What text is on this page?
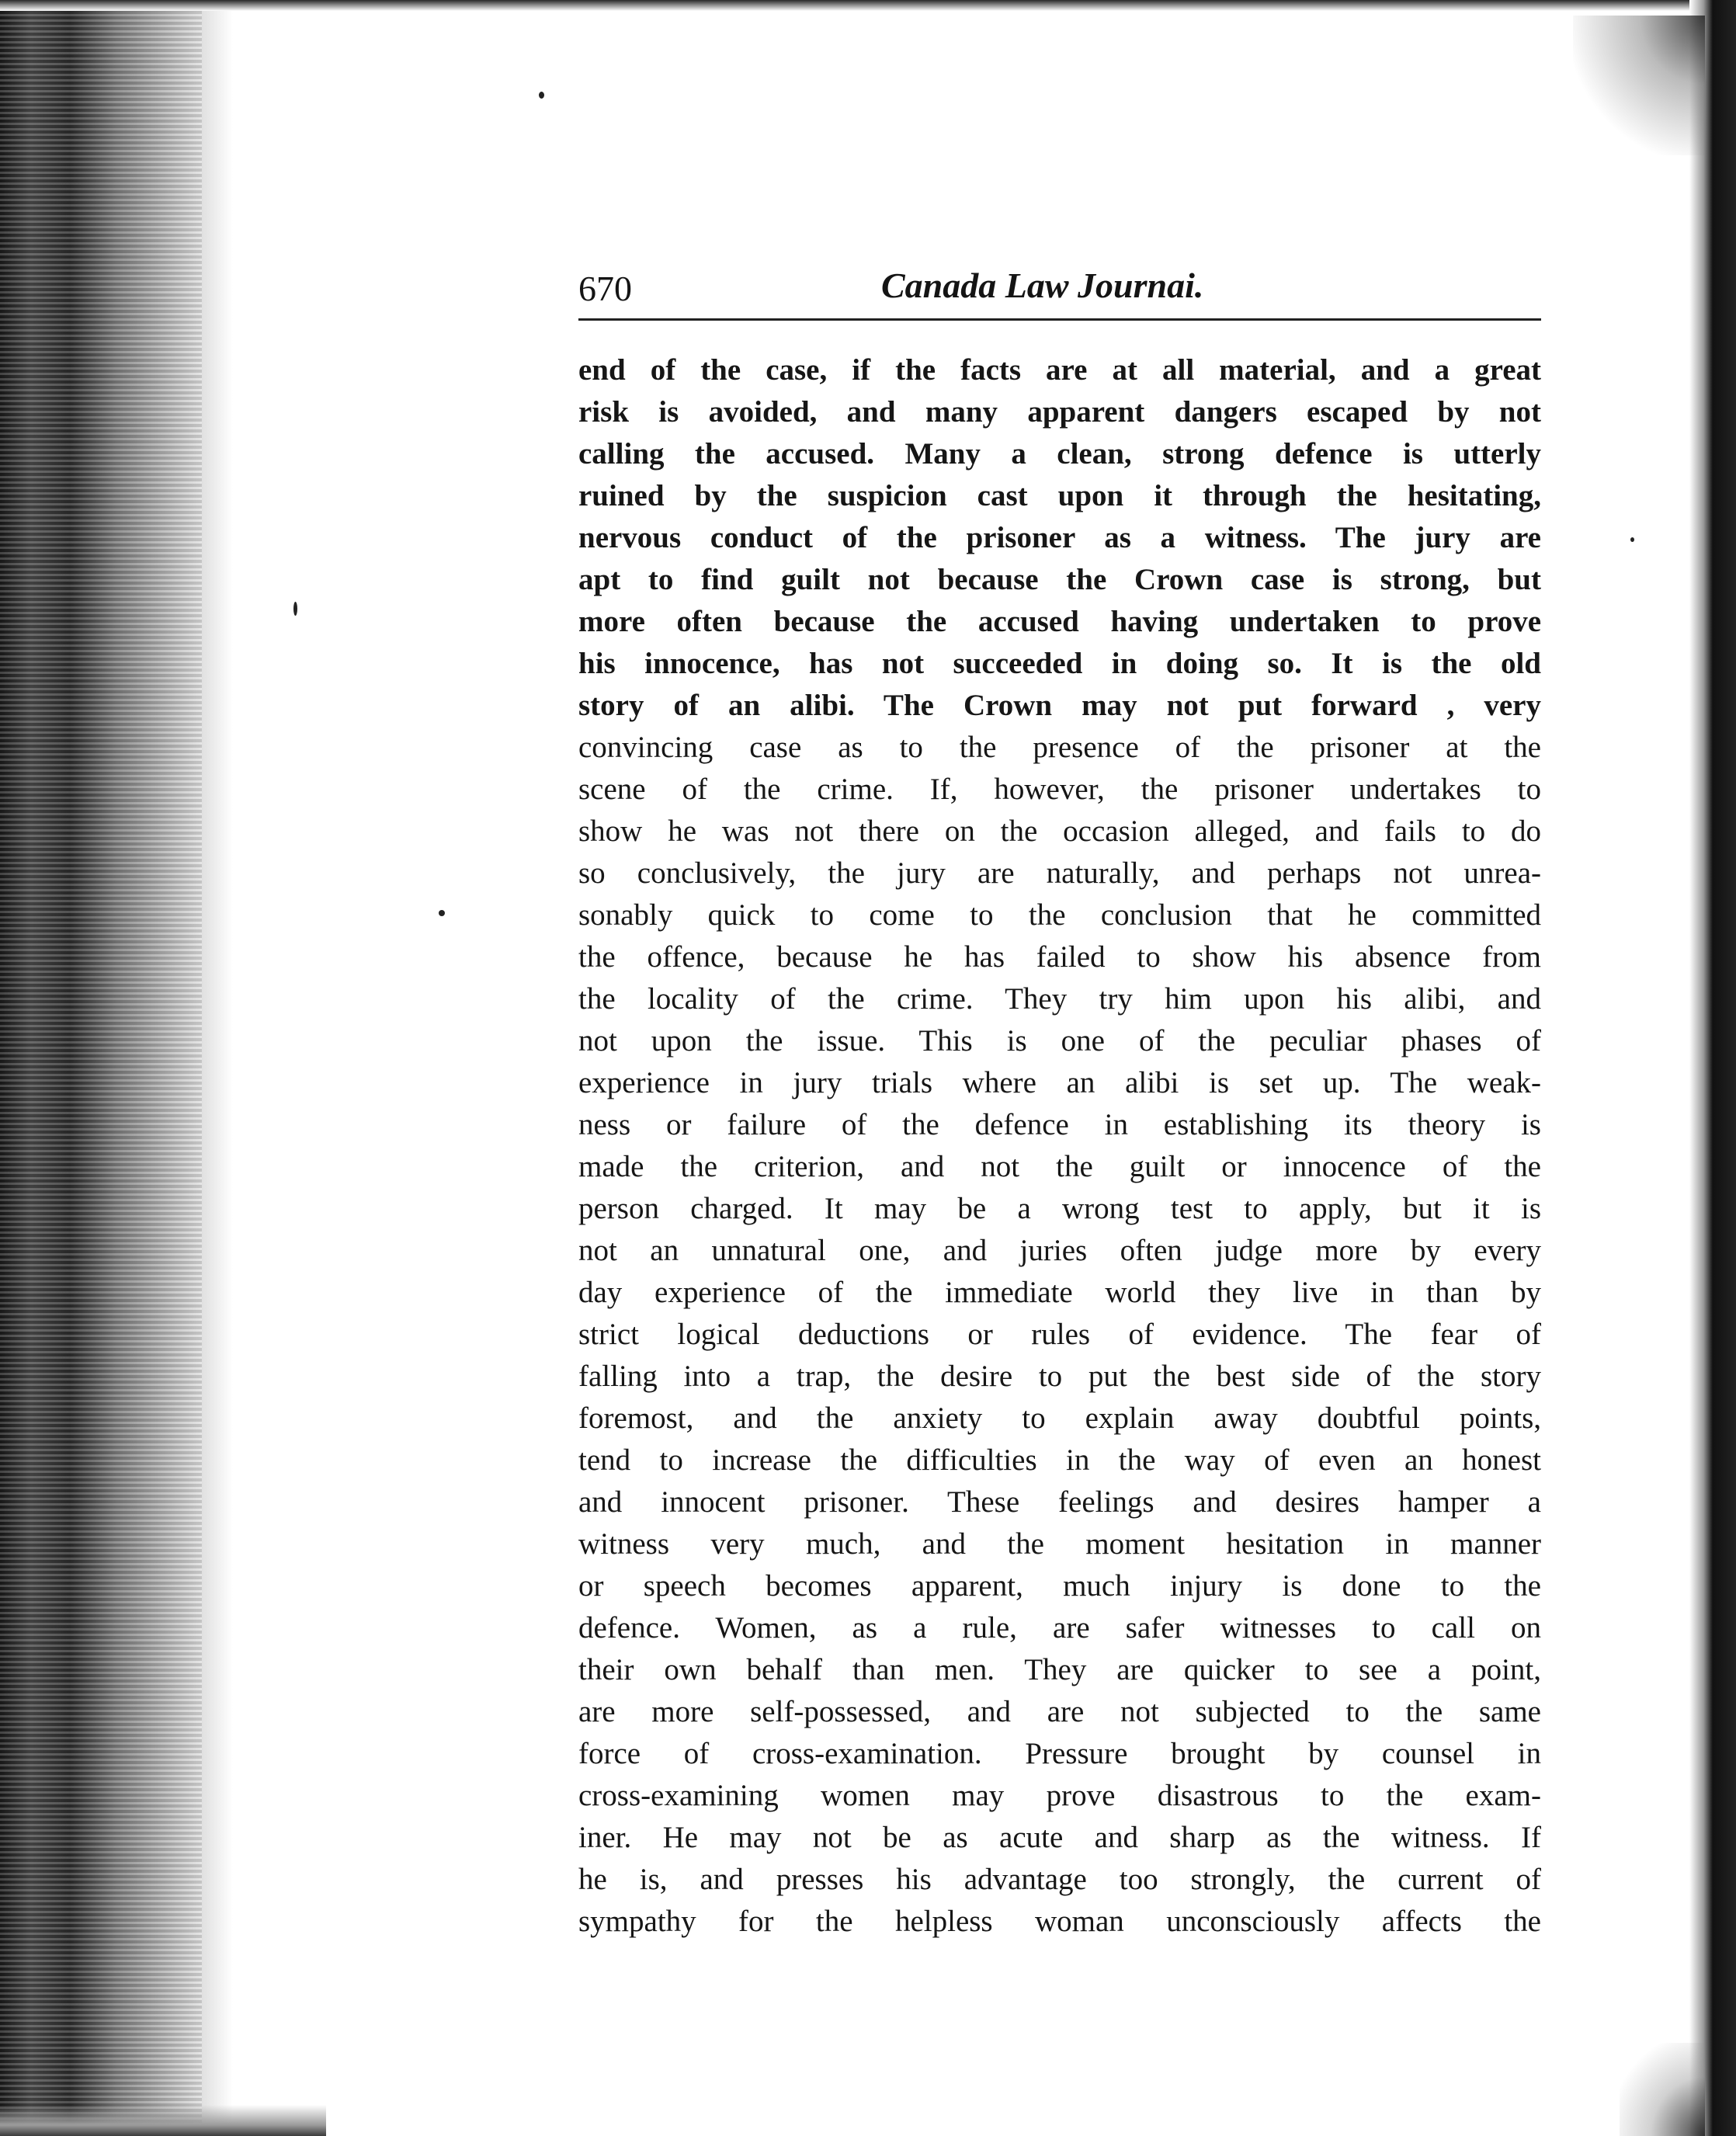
670	Canada Law Journai.
end of the case, if the facts are at all material, and a great
risk is avoided, and many apparent dangers escaped by not
calling the accused. Many a clean, strong defence is utterly
ruined by the suspicion cast upon it through the hesitating,
nervous conduct of the prisoner as a witness. The jury are
apt to find guilt not because the Crown case is strong, but
more often because the accused having undertaken to prove
his innocence, has not succeeded in doing so. It is the old
story of an alibi. The Crown may not put forward , very
convincing case as to the presence of the prisoner at the
scene of the crime. If, however, the prisoner undertakes to
show he was not there on the occasion alleged, and fails to do
so conclusively, the jury are naturally, and perhaps not unrea-
sonably quick to come to the conclusion that he committed
the offence, because he has failed to show his absence from
the locality of the crime. They try him upon his alibi, and
not upon the issue. This is one of the peculiar phases of
experience in jury trials where an alibi is set up. The weak-
ness or failure of the defence in establishing its theory is
made the criterion, and not the guilt or innocence of the
person charged. It may be a wrong test to apply, but it is
not an unnatural one, and juries often judge more by every
day experience of the immediate world they live in than by
strict logical deductions or rules of evidence. The fear of
falling into a trap, the desire to put the best side of the story
foremost, and the anxiety to explain away doubtful points,
tend to increase the difficulties in the way of even an honest
and innocent prisoner. These feelings and desires hamper a
witness very much, and the moment hesitation in manner
or speech becomes apparent, much injury is done to the
defence. Women, as a rule, are safer witnesses to call on
their own behalf than men. They are quicker to see a point,
are more self-possessed, and are not subjected to the same
force of cross-examination. Pressure brought by counsel in
cross-examining women may prove disastrous to the exam-
iner. He may not be as acute and sharp as the witness. If
he is, and presses his advantage too strongly, the current of
sympathy for the helpless woman unconsciously affects the
